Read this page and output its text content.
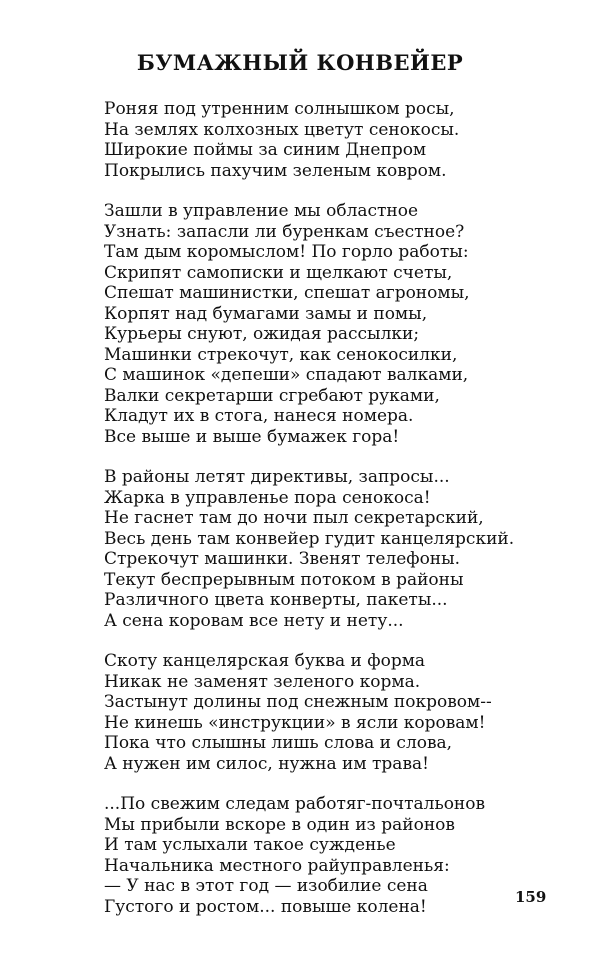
БУМАЖНЫЙ КОНВЕЙЕР
Роняя под утренним солнышком росы,
На землях колхозных цветут сенокосы.
Широкие поймы за синим Днепром
Покрылись пахучим зеленым ковром.
Зашли в управление мы областное
Узнать: запасли ли буренкам съестное?
Там дым коромыслом! По горло работы:
Скрипят самописки и щелкают счеты,
Спешат машинистки, спешат агрономы,
Корпят над бумагами замы и помы,
Курьеры снуют, ожидая рассылки;
Машинки стрекочут, как сенокосилки,
С машинок «депеши» спадают валками,
Валки секретарши сгребают руками,
Кладут их в стога, нанеся номера.
Все выше и выше бумажек гора!
В районы летят директивы, запросы...
Жарка в управленье пора сенокоса!
Не гаснет там до ночи пыл секретарский,
Весь день там конвейер гудит канцелярский.
Стрекочут машинки. Звенят телефоны.
Текут беспрерывным потоком в районы
Различного цвета конверты, пакеты...
А сена коровам все нету и нету...
Скоту канцелярская буква и форма
Никак не заменят зеленого корма.
Застынут долины под снежным покровом--
Не кинешь «инструкции» в ясли коровам!
Пока что слышны лишь слова и слова,
А нужен им силос, нужна им трава!
...По свежим следам работяг-почтальонов
Мы прибыли вскоре в один из районов
И там услыхали такое сужденье
Начальника местного райуправленья:
— У нас в этот год — изобилие сена
Густого и ростом... повыше колена!	159
